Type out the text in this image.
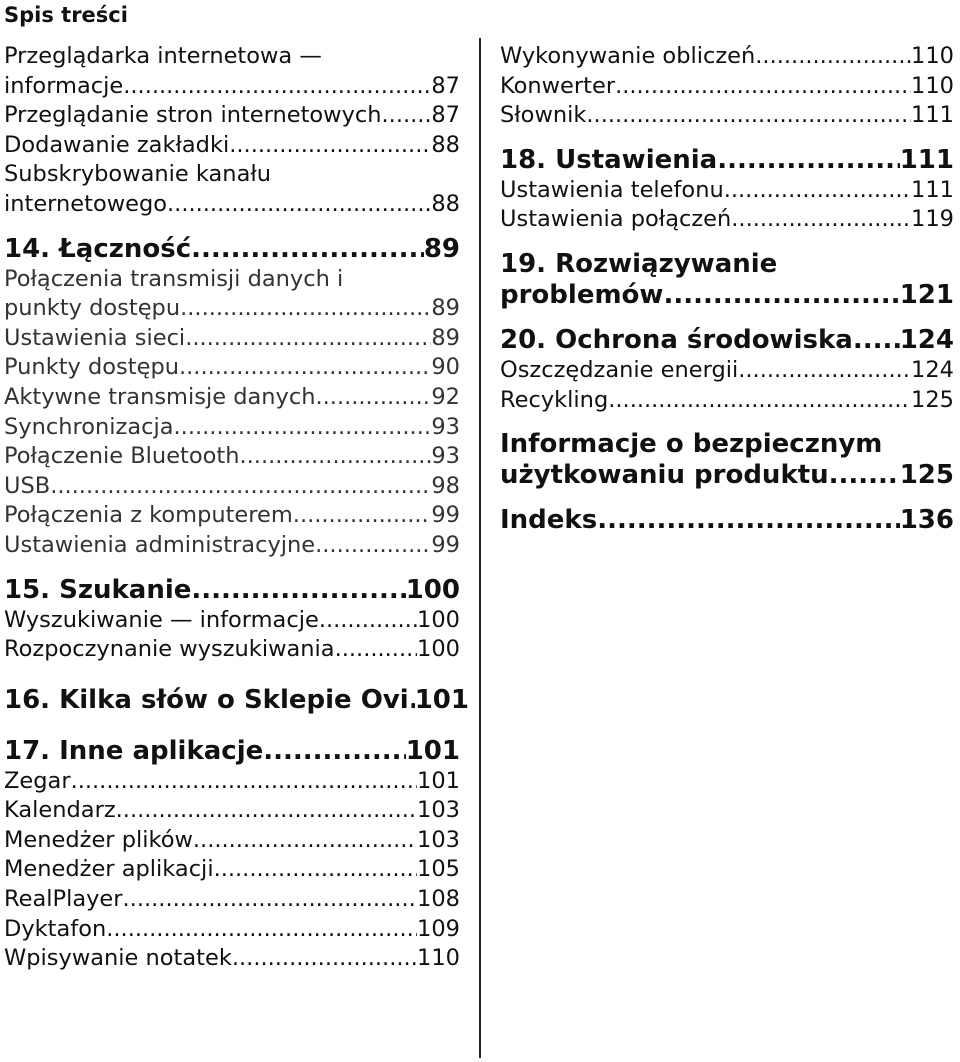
Spis treści
Przeglądarka internetowa —
informacje .....	87
Przeglądanie stron internetowych ..... 87
Dodawanie zakładki .....	88
Subskrybowanie kanału
internetowego .....	88
14. Łączność .....	89
Połączenia transmisji danych i
punkty dostępu .....	89
Ustawienia sieci .....	89
Punkty dostępu .....	90
Aktywne transmisje danych .....	92
Synchronizacja .....	93
Połączenie Bluetooth .....	93
USB .....	98
Połączenia z komputerem .....	99
Ustawienia administracyjne .....	99
15. Szukanie .....	100
Wyszukiwanie — informacje .....	100
Rozpoczynanie wyszukiwania .....	100
16. Kilka słów o Sklepie Ovi ..... 101
17. Inne aplikacje .....	101
Zegar .....	101
Kalendarz .....	103
Menedżer plików .....	103
Menedżer aplikacji .....	105
RealPlayer .....	108
Dyktafon .....	109
Wpisywanie notatek .....	110
Wykonywanie obliczeń .....	110
Konwerter .....	110
Słownik .....	111
18. Ustawienia .....	111
Ustawienia telefonu .....	111
Ustawienia połączeń .....	119
19. Rozwiązywanie
problemów .....	121
20. Ochrona środowiska ..... 124
Oszczędzanie energii .....	124
Recykling .....	125
Informacje o bezpiecznym
użytkowaniu produktu .....	125
Indeks .....	136
